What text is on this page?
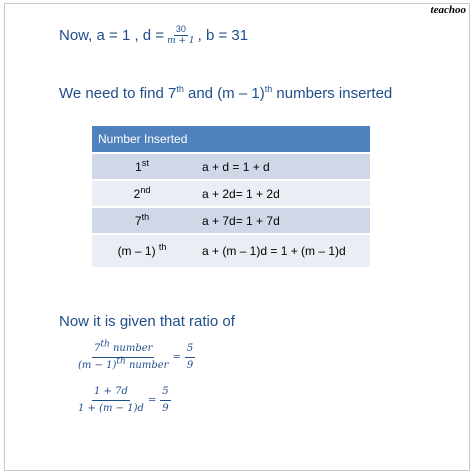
teachoo
Now, a = 1 , $d = \frac{30}{m + 1}$ , b = 31
We need to find 7th and (m – 1)$^{th}$ numbers inserted
Number Inserted	
1st	a + d = 1 + d
2nd	a + 2d= 1 + 2d
7th	a + 7d= 1 + 7d
(m – 1) $^{th}$	a + (m – 1)d = 1 + (m – 1)d
Now it is given that ratio of
7th number
$(m - 1)^{th}$ number
= $\frac{5}{9}$
$\frac{1 + 7d}{1 + (m - 1)d} = \frac{5}{9}$
